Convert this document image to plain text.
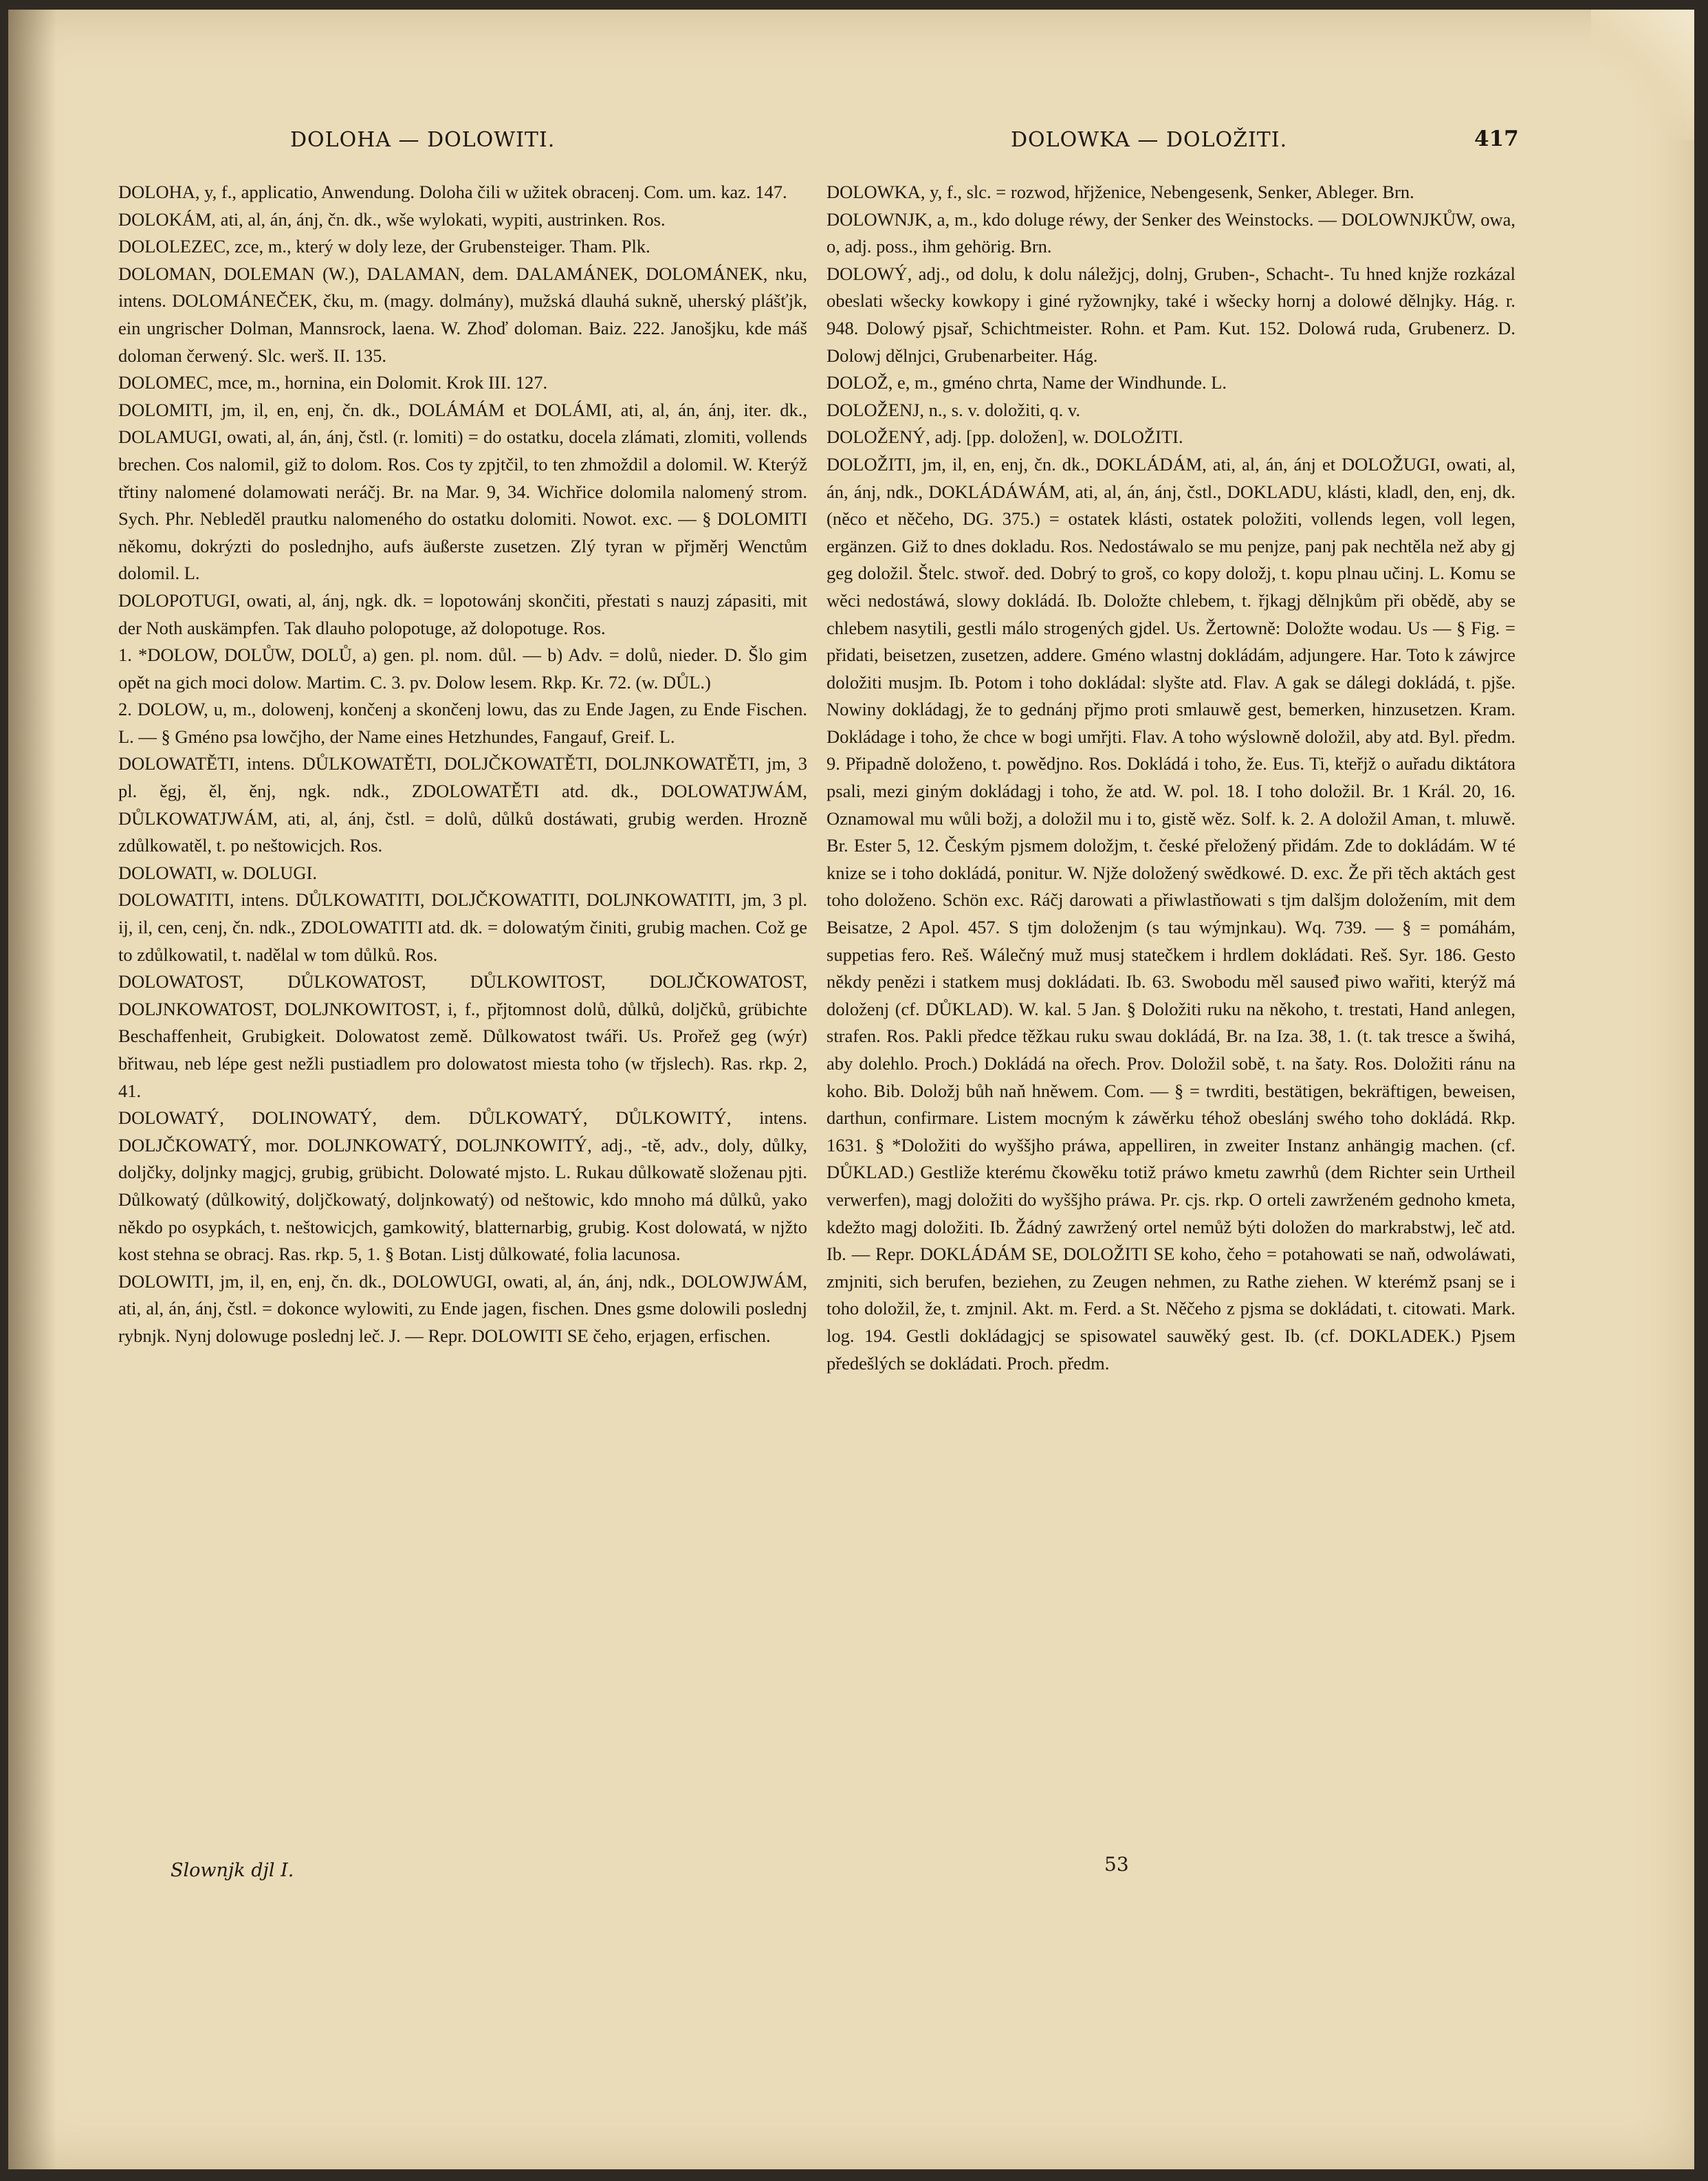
DOLOHA — DOLOWITI.	DOLOWKA — DOLOŽITI.	417

DOLOHA, y, f., applicatio, Anwendung. Doloha čili w užitek obracenj. Com. um. kaz. 147.

DOLOKÁM, ati, al, án, ánj, čn. dk., wše wylokati, wypiti, austrinken. Ros.

DOLOLEZEC, zce, m., který w doly leze, der Grubensteiger. Tham. Plk.

DOLOMAN, DOLEMAN (W.), DALAMAN, dem. DALAMÁNEK, DOLOMÁNEK, nku, intens. DOLOMÁNEČEK, čku, m. (magy. dolmány), mužská dlauhá sukně, uherský plášťjk, ein ungrischer Dolman, Mannsrock, laena. W. Zhoď doloman. Baiz. 222. Janošjku, kde máš doloman čerwený. Slc. werš. II. 135.

DOLOMEC, mce, m., hornina, ein Dolomit. Krok III. 127.

DOLOMITI, jm, il, en, enj, čn. dk., DOLÁMÁM et DOLÁMI, ati, al, án, ánj, iter. dk., DOLAMUGI, owati, al, án, ánj, čstl. (r. lomiti) = do ostatku, docela zlámati, zlomiti, vollends brechen. Cos nalomil, giž to dolom. Ros. Cos ty zpjtčil, to ten zhmoždil a dolomil. W. Kterýž třtiny nalomené dolamowati neráčj. Br. na Mar. 9, 34. Wichřice dolomila nalomený strom. Sych. Phr. Nebleděl prautku nalomeného do ostatku dolomiti. Nowot. exc. — § DOLOMITI někomu, dokrýzti do poslednjho, aufs äußerste zusetzen. Zlý tyran w přjměrj Wenctům dolomil. L.

DOLOPOTUGI, owati, al, ánj, ngk. dk. = lopotowánj skončiti, přestati s nauzj zápasiti, mit der Noth auskämpfen. Tak dlauho polopotuge, až dolopotuge. Ros.

1. *DOLOW, DOLŮW, DOLŮ, a) gen. pl. nom. důl. — b) Adv. = dolů, nieder. D. Šlo gim opět na gich moci dolow. Martim. C. 3. pv. Dolow lesem. Rkp. Kr. 72. (w. DŮL.)

2. DOLOW, u, m., dolowenj, končenj a skončenj lowu, das zu Ende Jagen, zu Ende Fischen. L. — § Gméno psa lowčjho, der Name eines Hetzhundes, Fangauf, Greif. L.

DOLOWATĚTI, intens. DŮLKOWATĚTI, DOLJČKOWATĚTI, DOLJNKOWATĚTI, jm, 3 pl. ěgj, ěl, ěnj, ngk. ndk., ZDOLOWATĚTI atd. dk., DOLOWATJWÁM, DŮLKOWATJWÁM, ati, al, ánj, čstl. = dolů, důlků dostáwati, grubig werden. Hrozně zdůlkowatěl, t. po neštowicjch. Ros.

DOLOWATI, w. DOLUGI.

DOLOWATITI, intens. DŮLKOWATITI, DOLJČKOWATITI, DOLJNKOWATITI, jm, 3 pl. ij, il, cen, cenj, čn. ndk., ZDOLOWATITI atd. dk. = dolowatým činiti, grubig machen. Což ge to zdůlkowatil, t. nadělal w tom důlků. Ros.

DOLOWATOST, DŮLKOWATOST, DŮLKOWITOST, DOLJČKOWATOST, DOLJNKOWATOST, DOLJNKOWITOST, i, f., přjtomnost dolů, důlků, doljčků, grübichte Beschaffenheit, Grubigkeit. Dolowatost země. Důlkowatost twáři. Us. Prořež geg (wýr) břitwau, neb lépe gest nežli pustiadlem pro dolowatost miesta toho (w třjslech). Ras. rkp. 2, 41.

DOLOWATÝ, DOLINOWATÝ, dem. DŮLKOWATÝ, DŮLKOWITÝ, intens. DOLJČKOWATÝ, mor. DOLJNKOWATÝ, DOLJNKOWITÝ, adj., -tě, adv., doly, důlky, doljčky, doljnky magjcj, grubig, grübicht. Dolowaté mjsto. L. Rukau důlkowatě složenau pjti. Důlkowatý (důlkowitý, doljčkowatý, doljnkowatý) od neštowic, kdo mnoho má důlků, yako někdo po osypkách, t. neštowicjch, gamkowitý, blatternarbig, grubig. Kost dolowatá, w njžto kost stehna se obracj. Ras. rkp. 5, 1. § Botan. Listj důlkowaté, folia lacunosa.

DOLOWITI, jm, il, en, enj, čn. dk., DOLOWUGI, owati, al, án, ánj, ndk., DOLOWJWÁM, ati, al, án, ánj, čstl. = dokonce wylowiti, zu Ende jagen, fischen. Dnes gsme dolowili poslednj rybnjk. Nynj dolowuge poslednj leč. J. — Repr. DOLOWITI SE čeho, erjagen, erfischen.

DOLOWKA, y, f., slc. = rozwod, hřjženice, Nebengesenk, Senker, Ableger. Brn.

DOLOWNJK, a, m., kdo doluge réwy, der Senker des Weinstocks. — DOLOWNJKŮW, owa, o, adj. poss., ihm gehörig. Brn.

DOLOWÝ, adj., od dolu, k dolu náležjcj, dolnj, Gruben-, Schacht-. Tu hned knjže rozkázal obeslati wšecky kowkopy i giné ryžownjky, také i wšecky hornj a dolowé dělnjky. Hág. r. 948. Dolowý pjsař, Schichtmeister. Rohn. et Pam. Kut. 152. Dolowá ruda, Grubenerz. D. Dolowj dělnjci, Grubenarbeiter. Hág.

DOLOŽ, e, m., gméno chrta, Name der Windhunde. L.

DOLOŽENJ, n., s. v. doložiti, q. v.

DOLOŽENÝ, adj. [pp. doložen], w. DOLOŽITI.

DOLOŽITI, jm, il, en, enj, čn. dk., DOKLÁDÁM, ati, al, án, ánj et DOLOŽUGI, owati, al, án, ánj, ndk., DOKLÁDÁWÁM, ati, al, án, ánj, čstl., DOKLADU, klásti, kladl, den, enj, dk. (něco et něčeho, DG. 375.) = ostatek klásti, ostatek položiti, vollends legen, voll legen, ergänzen. Giž to dnes dokladu. Ros. Nedostáwalo se mu penjze, panj pak nechtěla než aby gj geg doložil. Štelc. stwoř. ded. Dobrý to groš, co kopy doložj, t. kopu plnau učinj. L. Komu se wěci nedostáwá, slowy dokládá. Ib. Doložte chlebem, t. řjkagj dělnjkům při obědě, aby se chlebem nasytili, gestli málo strogených gjdel. Us. Žertowně: Doložte wodau. Us — § Fig. = přidati, beisetzen, zusetzen, addere. Gméno wlastnj dokládám, adjungere. Har. Toto k záwjrce doložiti musjm. Ib. Potom i toho dokládal: slyšte atd. Flav. A gak se dálegi dokládá, t. pjše. Nowiny dokládagj, že to gednánj přjmo proti smlauwě gest, bemerken, hinzusetzen. Kram. Dokládage i toho, že chce w bogi umřjti. Flav. A toho wýslowně doložil, aby atd. Byl. předm. 9. Připadně doloženo, t. powědjno. Ros. Dokládá i toho, že. Eus. Ti, kteřjž o auřadu diktátora psali, mezi giným dokládagj i toho, že atd. W. pol. 18. I toho doložil. Br. 1 Král. 20, 16. Oznamowal mu wůli božj, a doložil mu i to, gistě wěz. Solf. k. 2. A doložil Aman, t. mluwě. Br. Ester 5, 12. Českým pjsmem doložjm, t. české přeložený přidám. Zde to dokládám. W té knize se i toho dokládá, ponitur. W. Njže doložený swědkowé. D. exc. Že při těch aktách gest toho doloženo. Schön exc. Ráčj darowati a přiwlastňowati s tjm dalšjm doložením, mit dem Beisatze, 2 Apol. 457. S tjm doloženjm (s tau wýmjnkau). Wq. 739. — § = pomáhám, suppetias fero. Reš. Wálečný muž musj statečkem i hrdlem dokládati. Reš. Syr. 186. Gesto někdy penězi i statkem musj dokládati. Ib. 63. Swobodu měl sauseđ piwo wařiti, kterýž má doloženj (cf. DŮKLAD). W. kal. 5 Jan. § Doložiti ruku na někoho, t. trestati, Hand anlegen, strafen. Ros. Pakli předce těžkau ruku swau dokládá, Br. na Iza. 38, 1. (t. tak tresce a šwihá, aby dolehlo. Proch.) Dokládá na ořech. Prov. Doložil sobě, t. na šaty. Ros. Doložiti ránu na koho. Bib. Doložj bůh naň hněwem. Com. — § = twrditi, bestätigen, bekräftigen, beweisen, darthun, confirmare. Listem mocným k záwěrku téhož obeslánj swého toho dokládá. Rkp. 1631. § *Doložiti do wyššjho práwa, appelliren, in zweiter Instanz anhängig machen. (cf. DŮKLAD.) Gestliže kterému čkowěku totiž práwo kmetu zawrhů (dem Richter sein Urtheil verwerfen), magj doložiti do wyššjho práwa. Pr. cjs. rkp. O orteli zawrženém gednoho kmeta, kdežto magj doložiti. Ib. Žádný zawržený ortel nemůž býti doložen do markrabstwj, leč atd. Ib. — Repr. DOKLÁDÁM SE, DOLOŽITI SE koho, čeho = potahowati se naň, odwoláwati, zmjniti, sich berufen, beziehen, zu Zeugen nehmen, zu Rathe ziehen. W kterémž psanj se i toho doložil, že, t. zmjnil. Akt. m. Ferd. a St. Něčeho z pjsma se dokládati, t. citowati. Mark. log. 194. Gestli dokládagjcj se spisowatel sauwěký gest. Ib. (cf. DOKLADEK.) Pjsem předešlých se dokládati. Proch. předm.

Slownjk djl I.	53
